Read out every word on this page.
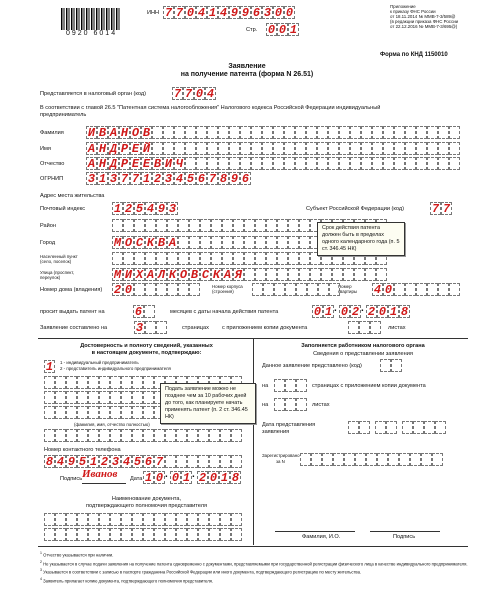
0920 6014
ИНН 7 7 0 4 1 4 9 9 6 3 0 0
Стр. 0 0 1
Приложение
к приказу ФНС России
от 18.11.2014 № ММВ-7-3/589@
(в редакции приказа ФНС России
от 22.12.2016 № ММВ-7-3/695@)
Форма по КНД 1150010
Заявление
на получение патента (форма N 26.51)
Представляется в налоговый орган (код) 7 7 0 4
В соответствии с главой 26.5 "Патентная система налогообложения" Налогового кодекса Российской Федерации индивидуальный
предприниматель
Фамилия И В А Н О В
Имя	А Н Д Р Е Й
Отчество А Н Д Р Е Е В И Ч
ОГРНИП 3 1 3 7 7 1 2 3 4 5 6 7 8 9 6
Адрес места жительства
Почтовый индекс 1 2 5 4 9 3	Субъект Российской Федерации (код) 7 7
Район
Город	М О С К В А
Населенный пункт
(село, поселок)
Улица (проспект,
переулок)	М И Х А Л К О В С К А Я
Номер дома (владения) 2 0	Номер корпуса
(строения)
Номер
квартиры 4 0
Срок действия патента должен быть в пределах одного календарного года (п. 5 ст. 346.45 НК)
просит выдать патент на	6	месяцев с даты начала действия патента	0 1 . 0 2 . 2 0 1 8
Заявление составлено на 3	страницах с приложением копии документа	листах
Достоверность и полноту сведений, указанных
в настоящем документе, подтверждаю:
1	1 - индивидуальный предприниматель
2 - представитель индивидуального предпринимателя
(фамилия, имя, отчество полностью)
Подать заявление можно не позднее чем за 10 рабочих дней до того, как планируете начать применять патент (п. 2 ст. 346.45 НК)
Номер контактного телефона
8 4 9 5 1 2 3 4 5 6 7
Подпись Иванов Дата 1 0 . 0 1 . 2 0 1 8
Наименование документа,
подтверждающего полномочия представителя
Заполняется работником налогового органа
Сведения о представлении заявления
Данное заявление представлено (код)
на	страницах с приложением копии документа
на	листах
Дата представления
заявления
Зарегистрировано
за N
Фамилия, И.О.	Подпись
$^1$ Отчество указывается при наличии.
$^2$ Не указывается в случае подачи заявления на получение патента одновременно с документами, представляемыми при государственной регистрации физического лица в качестве индивидуального предпринимателя.
$^3$ Указывается в соответствии с записью в паспорте гражданина Российской Федерации или иного документа, подтверждающего регистрацию по месту жительства.
$^4$ Заявитель прилагает копию документа, подтверждающего полномочия представителя.
